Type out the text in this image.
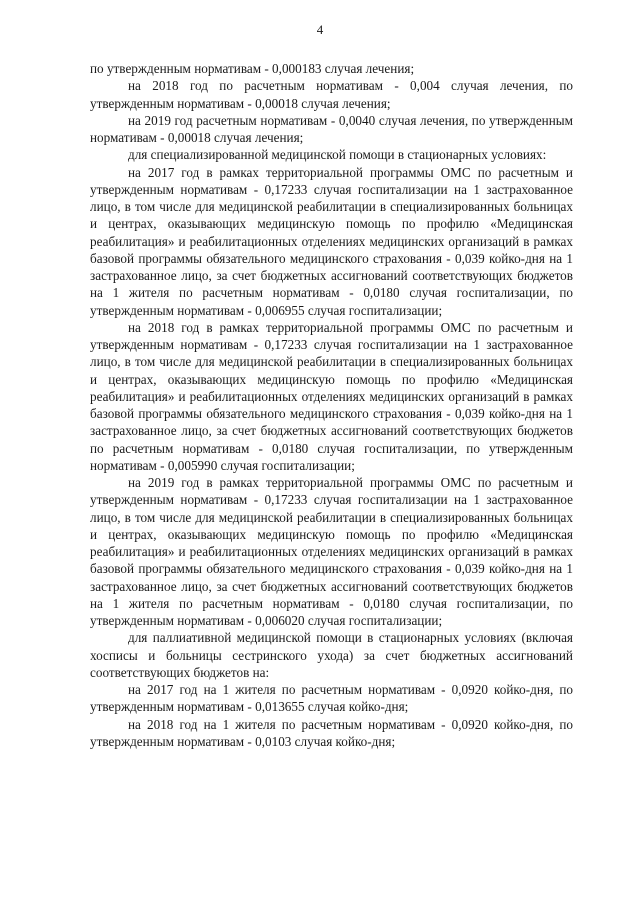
4

по утвержденным нормативам - 0,000183 случая лечения;

на 2018 год по расчетным нормативам - 0,004 случая лечения, по утвержденным нормативам - 0,00018 случая лечения;

на 2019 год расчетным нормативам - 0,0040 случая лечения, по утвержденным нормативам - 0,00018 случая лечения;

для специализированной медицинской помощи в стационарных условиях:

на 2017 год в рамках территориальной программы ОМС по расчетным и утвержденным нормативам - 0,17233 случая госпитализации на 1 застрахованное лицо, в том числе для медицинской реабилитации в специализированных больницах и центрах, оказывающих медицинскую помощь по профилю «Медицинская реабилитация» и реабилитационных отделениях медицинских организаций в рамках базовой программы обязательного медицинского страхования - 0,039 койко-дня на 1 застрахованное лицо, за счет бюджетных ассигнований соответствующих бюджетов на 1 жителя по расчетным нормативам - 0,0180 случая госпитализации, по утвержденным нормативам - 0,006955 случая госпитализации;

на 2018 год в рамках территориальной программы ОМС по расчетным и утвержденным нормативам - 0,17233 случая госпитализации на 1 застрахованное лицо, в том числе для медицинской реабилитации в специализированных больницах и центрах, оказывающих медицинскую помощь по профилю «Медицинская реабилитация» и реабилитационных отделениях медицинских организаций в рамках базовой программы обязательного медицинского страхования - 0,039 койко-дня на 1 застрахованное лицо, за счет бюджетных ассигнований соответствующих бюджетов по расчетным нормативам - 0,0180 случая госпитализации, по утвержденным нормативам - 0,005990 случая госпитализации;

на 2019 год в рамках территориальной программы ОМС по расчетным и утвержденным нормативам - 0,17233 случая госпитализации на 1 застрахованное лицо, в том числе для медицинской реабилитации в специализированных больницах и центрах, оказывающих медицинскую помощь по профилю «Медицинская реабилитация» и реабилитационных отделениях медицинских организаций в рамках базовой программы обязательного медицинского страхования - 0,039 койко-дня на 1 застрахованное лицо, за счет бюджетных ассигнований соответствующих бюджетов на 1 жителя по расчетным нормативам - 0,0180 случая госпитализации, по утвержденным нормативам - 0,006020 случая госпитализации;

для паллиативной медицинской помощи в стационарных условиях (включая хосписы и больницы сестринского ухода) за счет бюджетных ассигнований соответствующих бюджетов на:

на 2017 год на 1 жителя по расчетным нормативам - 0,0920 койко-дня, по утвержденным нормативам - 0,013655 случая койко-дня;

на 2018 год на 1 жителя по расчетным нормативам - 0,0920 койко-дня, по утвержденным нормативам - 0,0103 случая койко-дня;
